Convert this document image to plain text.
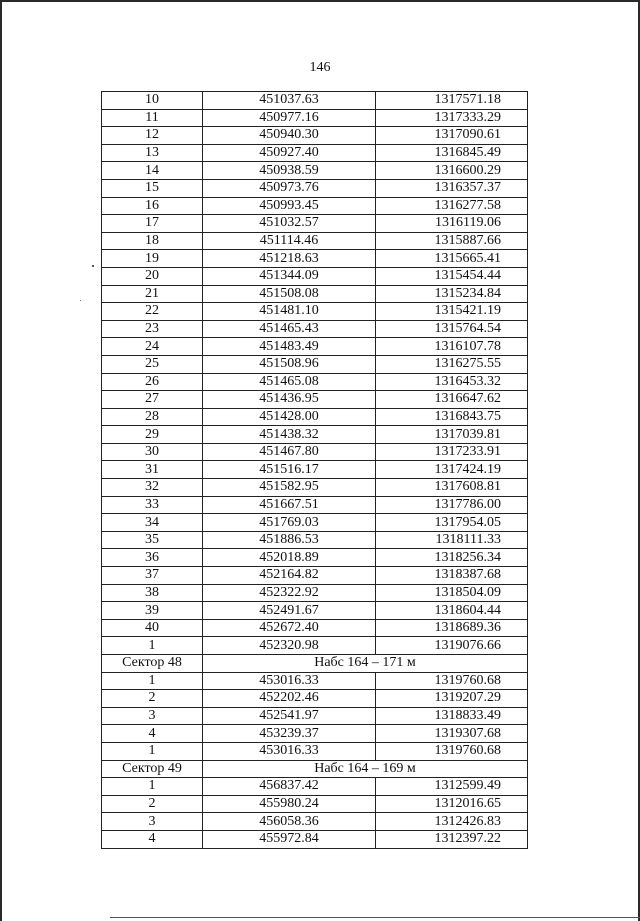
146
10	451037.63	1317571.18
11	450977.16	1317333.29
12	450940.30	1317090.61
13	450927.40	1316845.49
14	450938.59	1316600.29
15	450973.76	1316357.37
16	450993.45	1316277.58
17	451032.57	1316119.06
18	451114.46	1315887.66
19	451218.63	1315665.41
20	451344.09	1315454.44
21	451508.08	1315234.84
22	451481.10	1315421.19
23	451465.43	1315764.54
24	451483.49	1316107.78
25	451508.96	1316275.55
26	451465.08	1316453.32
27	451436.95	1316647.62
28	451428.00	1316843.75
29	451438.32	1317039.81
30	451467.80	1317233.91
31	451516.17	1317424.19
32	451582.95	1317608.81
33	451667.51	1317786.00
34	451769.03	1317954.05
35	451886.53	1318111.33
36	452018.89	1318256.34
37	452164.82	1318387.68
38	452322.92	1318504.09
39	452491.67	1318604.44
40	452672.40	1318689.36
1	452320.98	1319076.66
Сектор 48	Набс 164 – 171 м	
1	453016.33	1319760.68
2	452202.46	1319207.29
3	452541.97	1318833.49
4	453239.37	1319307.68
1	453016.33	1319760.68
Сектор 49	Набс 164 – 169 м	
1	456837.42	1312599.49
2	455980.24	1312016.65
3	456058.36	1312426.83
4	455972.84	1312397.22
